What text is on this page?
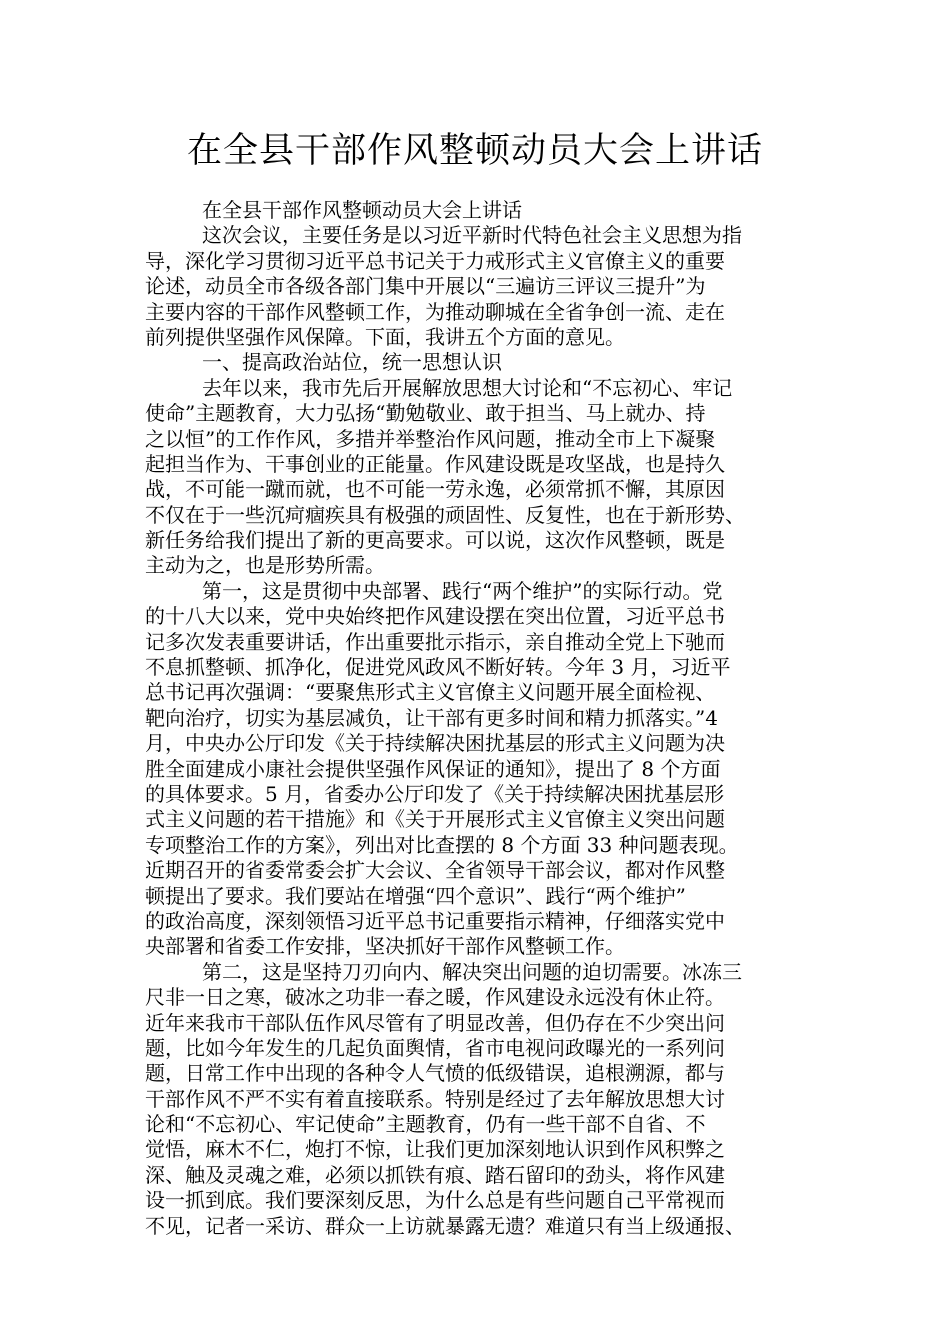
在全县干部作风整顿动员大会上讲话
在全县干部作风整顿动员大会上讲话
这次会议，主要任务是以习近平新时代特色社会主义思想为指
导，深化学习贯彻习近平总书记关于力戒形式主义官僚主义的重要
论述，动员全市各级各部门集中开展以“三遍访三评议三提升”为
主要内容的干部作风整顿工作，为推动聊城在全省争创一流、走在
前列提供坚强作风保障。下面，我讲五个方面的意见。
一、提高政治站位，统一思想认识
去年以来，我市先后开展解放思想大讨论和“不忘初心、牢记
使命”主题教育，大力弘扬“勤勉敬业、敢于担当、马上就办、持
之以恒”的工作作风，多措并举整治作风问题，推动全市上下凝聚
起担当作为、干事创业的正能量。作风建设既是攻坚战，也是持久
战，不可能一蹴而就，也不可能一劳永逸，必须常抓不懈，其原因
不仅在于一些沉疴痼疾具有极强的顽固性、反复性，也在于新形势、
新任务给我们提出了新的更高要求。可以说，这次作风整顿，既是
主动为之，也是形势所需。
第一，这是贯彻中央部署、践行“两个维护”的实际行动。党
的十八大以来，党中央始终把作风建设摆在突出位置，习近平总书
记多次发表重要讲话，作出重要批示指示，亲自推动全党上下驰而
不息抓整顿、抓净化，促进党风政风不断好转。今年 3 月，习近平
总书记再次强调：“要聚焦形式主义官僚主义问题开展全面检视、
靶向治疗，切实为基层减负，让干部有更多时间和精力抓落实。”4
月，中央办公厅印发《关于持续解决困扰基层的形式主义问题为决
胜全面建成小康社会提供坚强作风保证的通知》，提出了 8 个方面
的具体要求。5 月，省委办公厅印发了《关于持续解决困扰基层形
式主义问题的若干措施》和《关于开展形式主义官僚主义突出问题
专项整治工作的方案》，列出对比查摆的 8 个方面 33 种问题表现。
近期召开的省委常委会扩大会议、全省领导干部会议，都对作风整
顿提出了要求。我们要站在增强“四个意识”、践行“两个维护”
的政治高度，深刻领悟习近平总书记重要指示精神，仔细落实党中
央部署和省委工作安排，坚决抓好干部作风整顿工作。
第二，这是坚持刀刃向内、解决突出问题的迫切需要。冰冻三
尺非一日之寒，破冰之功非一春之暖，作风建设永远没有休止符。
近年来我市干部队伍作风尽管有了明显改善，但仍存在不少突出问
题，比如今年发生的几起负面舆情，省市电视问政曝光的一系列问
题，日常工作中出现的各种令人气愤的低级错误，追根溯源，都与
干部作风不严不实有着直接联系。特别是经过了去年解放思想大讨
论和“不忘初心、牢记使命”主题教育，仍有一些干部不自省、不
觉悟，麻木不仁，炮打不惊，让我们更加深刻地认识到作风积弊之
深、触及灵魂之难，必须以抓铁有痕、踏石留印的劲头，将作风建
设一抓到底。我们要深刻反思，为什么总是有些问题自己平常视而
不见，记者一采访、群众一上访就暴露无遗？难道只有当上级通报、
